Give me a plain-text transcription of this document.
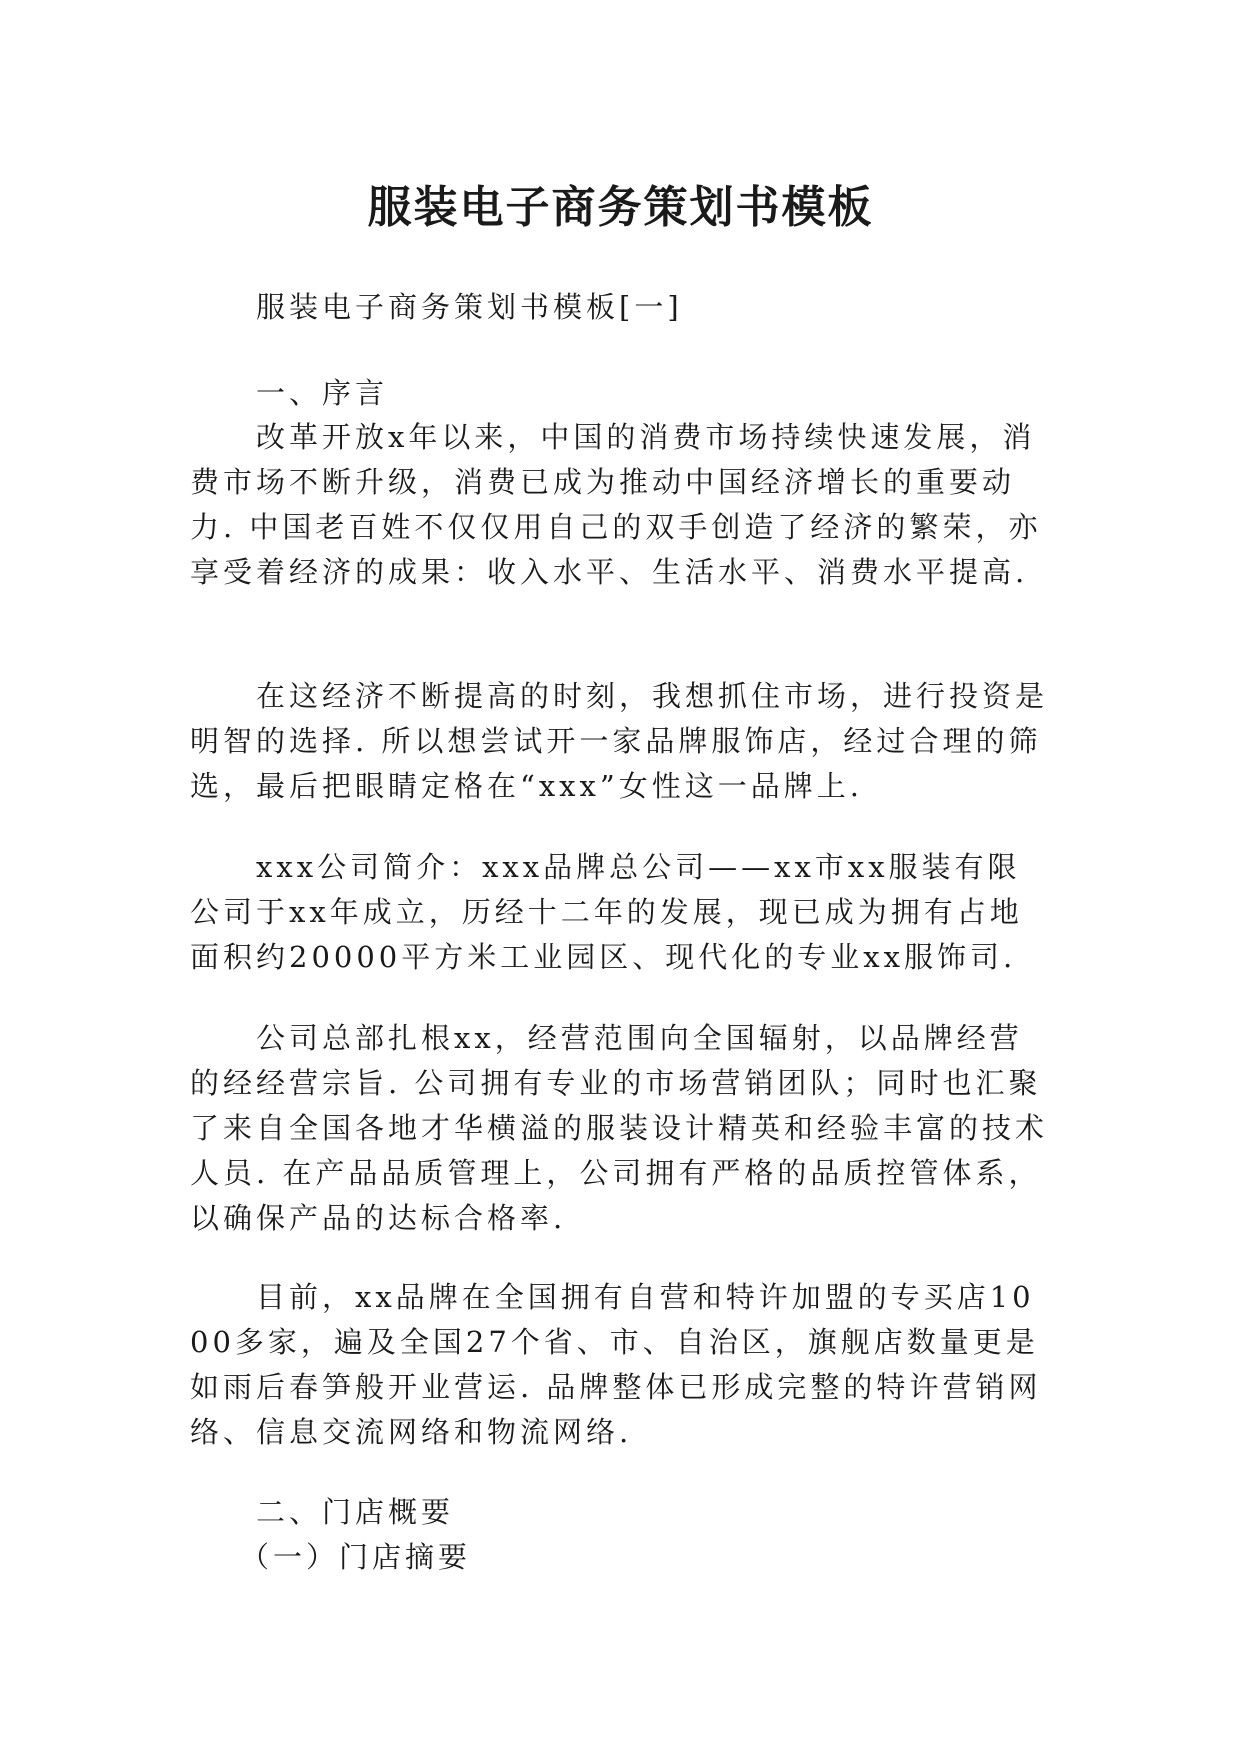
服装电子商务策划书模板

服装电子商务策划书模板[一]

一、序言

改革开放x年以来，中国的消费市场持续快速发展，消费市场不断升级，消费已成为推动中国经济增长的重要动力. 中国老百姓不仅仅用自己的双手创造了经济的繁荣，亦享受着经济的成果：收入水平、生活水平、消费水平提高.

在这经济不断提高的时刻，我想抓住市场，进行投资是明智的选择. 所以想尝试开一家品牌服饰店，经过合理的筛选，最后把眼睛定格在“xxx”女性这一品牌上.

xxx公司简介：xxx品牌总公司——xx市xx服装有限公司于xx年成立，历经十二年的发展，现已成为拥有占地面积约20000平方米工业园区、现代化的专业xx服饰司.

公司总部扎根xx，经营范围向全国辐射，以品牌经营的经经营宗旨. 公司拥有专业的市场营销团队；同时也汇聚了来自全国各地才华横溢的服装设计精英和经验丰富的技术人员. 在产品品质管理上，公司拥有严格的品质控管体系，以确保产品的达标合格率.

目前，xx品牌在全国拥有自营和特许加盟的专买店1000多家，遍及全国27个省、市、自治区，旗舰店数量更是如雨后春笋般开业营运. 品牌整体已形成完整的特许营销网络、信息交流网络和物流网络.

二、门店概要

（一）门店摘要
